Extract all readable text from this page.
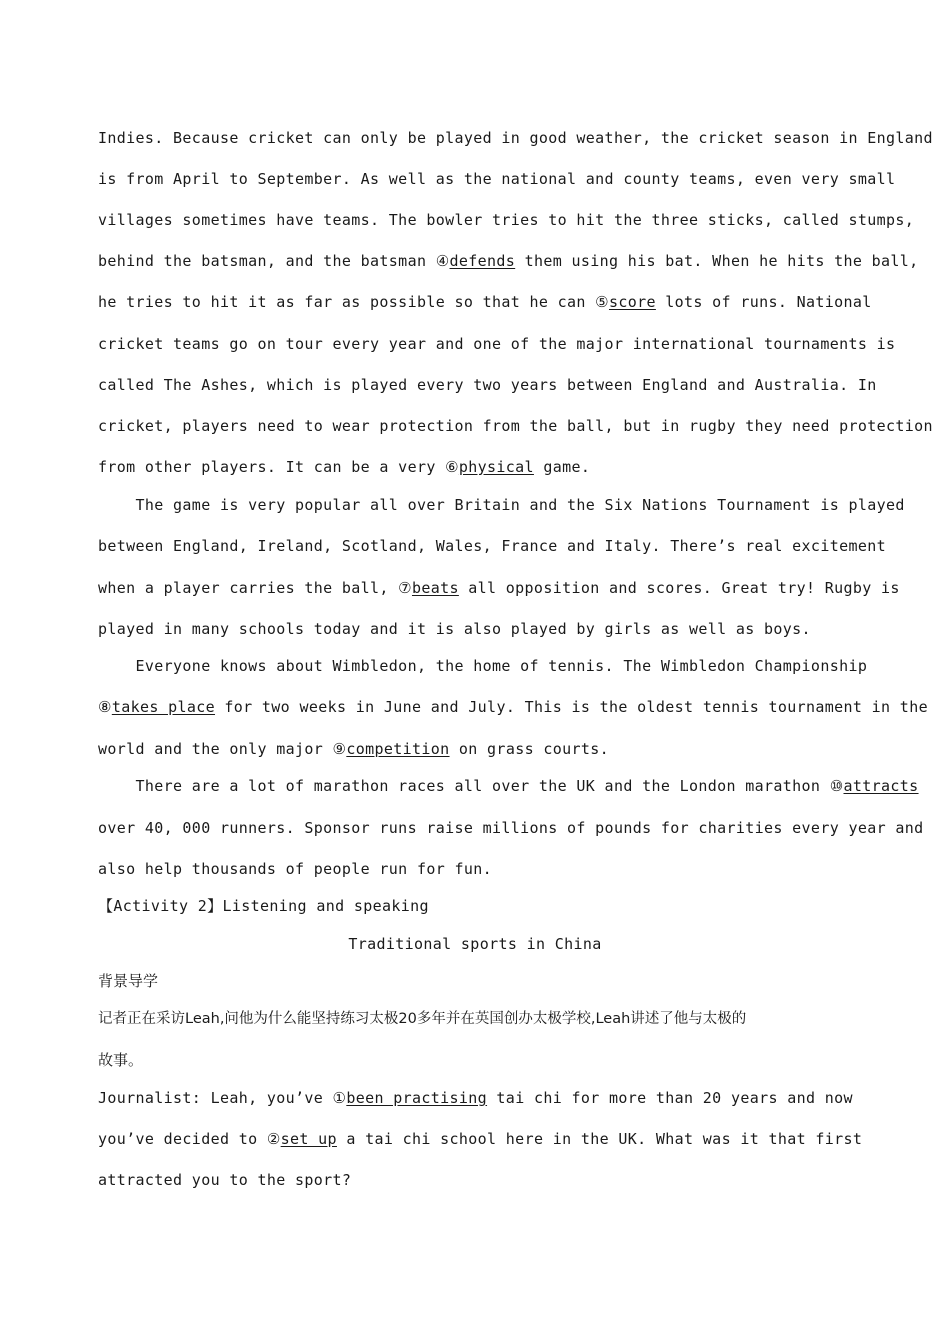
Indies. Because cricket can only be played in good weather, the cricket season in England
is from April to September. As well as the national and county teams, even very small
villages sometimes have teams. The bowler tries to hit the three sticks, called stumps,
behind the batsman, and the batsman ④defends them using his bat. When he hits the ball,
he tries to hit it as far as possible so that he can ⑤score lots of runs. National
cricket teams go on tour every year and one of the major international tournaments is
called The Ashes, which is played every two years between England and Australia. In
cricket, players need to wear protection from the ball, but in rugby they need protection
from other players. It can be a very ⑥physical game.
The game is very popular all over Britain and the Six Nations Tournament is played
between England, Ireland, Scotland, Wales, France and Italy. There’s real excitement
when a player carries the ball, ⑦beats all opposition and scores. Great try! Rugby is
played in many schools today and it is also played by girls as well as boys.
Everyone knows about Wimbledon, the home of tennis. The Wimbledon Championship
⑧takes place for two weeks in June and July. This is the oldest tennis tournament in the
world and the only major ⑨competition on grass courts.
There are a lot of marathon races all over the UK and the London marathon ⑩attracts
over 40, 000 runners. Sponsor runs raise millions of pounds for charities every year and
also help thousands of people run for fun.
【Activity 2】Listening and speaking
Traditional sports in China
背景导学
记者正在采访Leah,问他为什么能坚持练习太极20多年并在英国创办太极学校,Leah讲述了他与太极的
故事。
Journalist: Leah, you’ve ①been practising tai chi for more than 20 years and now
you’ve decided to ②set up a tai chi school here in the UK. What was it that first
attracted you to the sport?
